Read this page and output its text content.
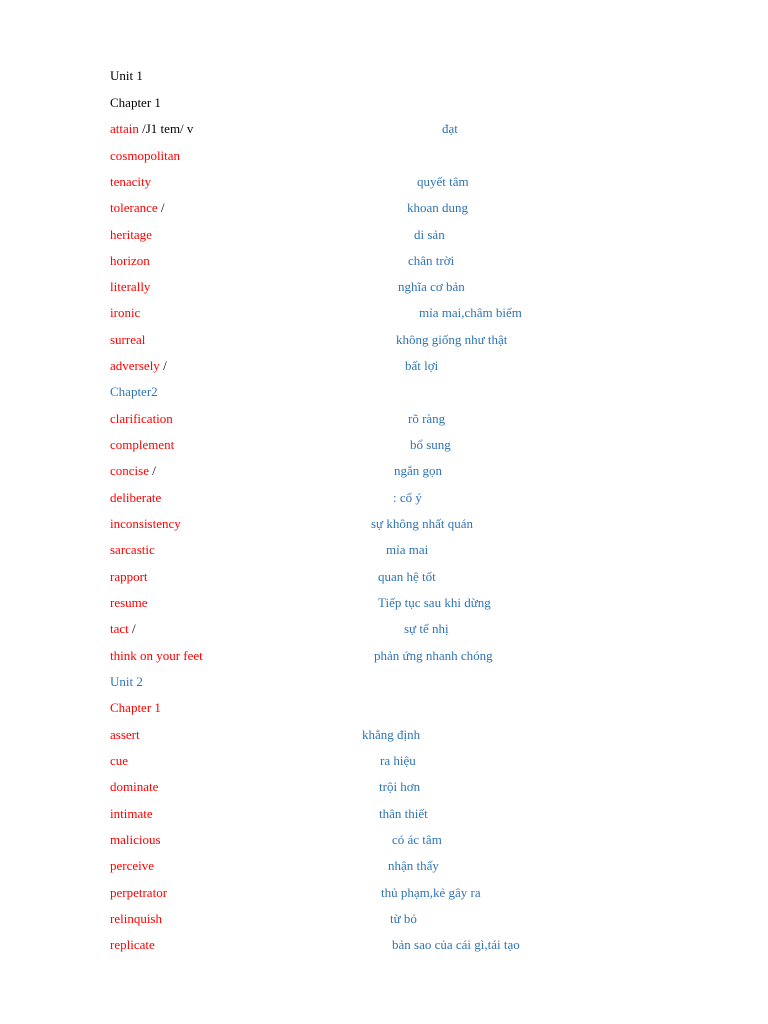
Unit 1
Chapter 1
attain /J1 tem/ v	đạt
cosmopolitan
tenacity	quyết tâm
tolerance /	khoan dung
heritage	di sản
horizon	chân trời
literally	nghĩa cơ bản
ironic	mỉa mai,châm biếm
surreal	không giống như thật
adversely /	bất lợi
Chapter2
clarification	rõ ràng
complement	bổ sung
concise /	ngắn gọn
deliberate	: cố ý
inconsistency	sự không nhất quán
sarcastic	mỉa mai
rapport	quan hệ tốt
resume	Tiếp tục sau khi dừng
tact /	sự tế nhị
think on your feet	phản ứng nhanh chóng
Unit 2
Chapter 1
assert	khẳng định
cue	ra hiệu
dominate	trội hơn
intimate	thân thiết
malicious	có ác tâm
perceive	nhận thấy
perpetrator	thủ phạm,kẻ gây ra
relinquish	từ bỏ
replicate	bản sao của cái gì,tái tạo
